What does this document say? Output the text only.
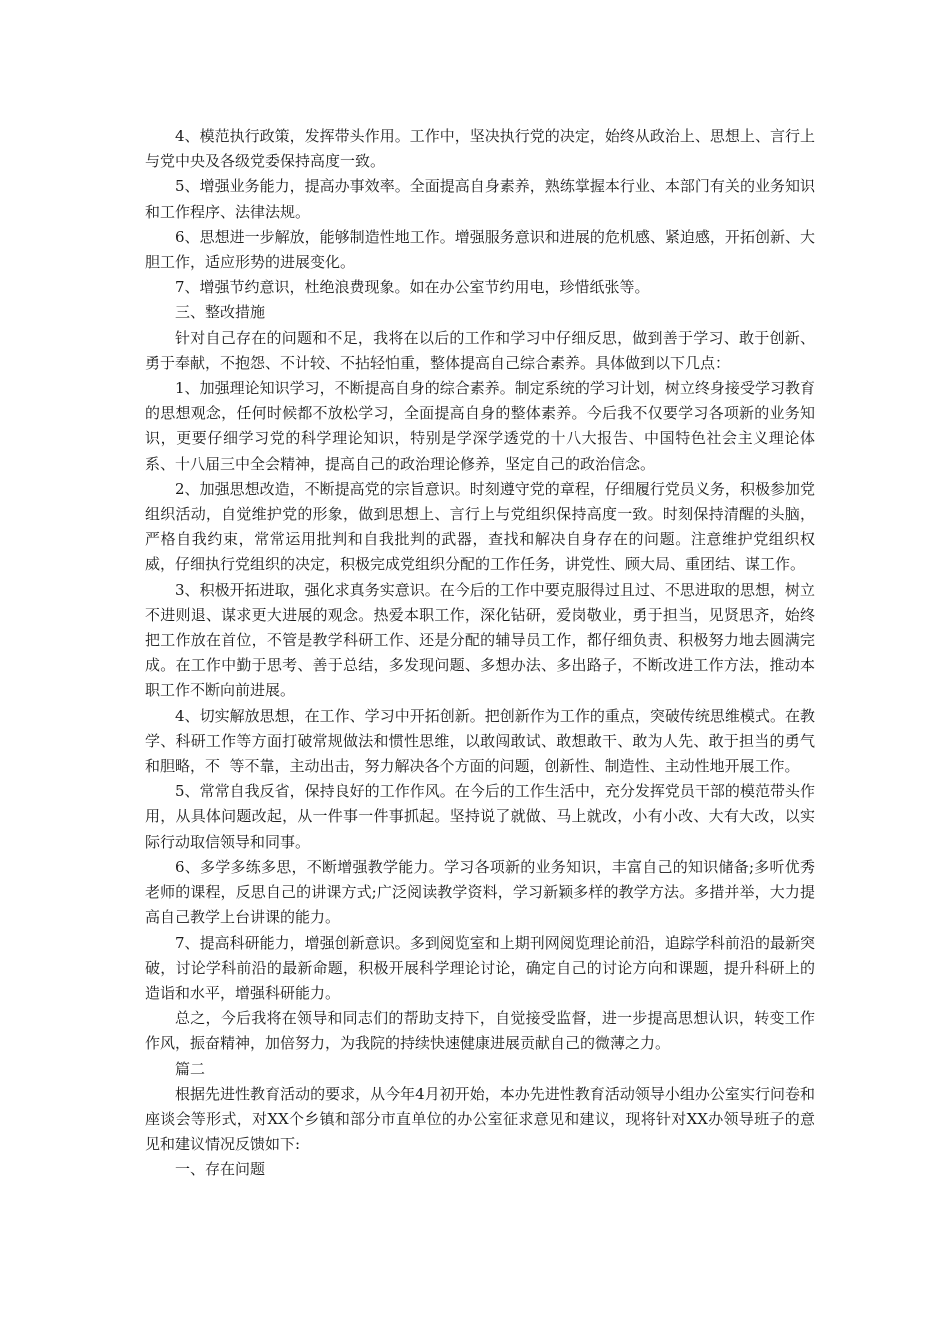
4、模范执行政策，发挥带头作用。工作中，坚决执行党的决定，始终从政治上、思想上、言行上与党中央及各级党委保持高度一致。

5、增强业务能力，提高办事效率。全面提高自身素养，熟练掌握本行业、本部门有关的业务知识和工作程序、法律法规。

6、思想进一步解放，能够制造性地工作。增强服务意识和进展的危机感、紧迫感，开拓创新、大胆工作，适应形势的进展变化。

7、增强节约意识，杜绝浪费现象。如在办公室节约用电，珍惜纸张等。

三、整改措施

针对自己存在的问题和不足，我将在以后的工作和学习中仔细反思，做到善于学习、敢于创新、勇于奉献，不抱怨、不计较、不拈轻怕重，整体提高自己综合素养。具体做到以下几点：

1、加强理论知识学习，不断提高自身的综合素养。制定系统的学习计划，树立终身接受学习教育的思想观念，任何时候都不放松学习，全面提高自身的整体素养。今后我不仅要学习各项新的业务知识，更要仔细学习党的科学理论知识，特别是学深学透党的十八大报告、中国特色社会主义理论体系、十八届三中全会精神，提高自己的政治理论修养，坚定自己的政治信念。

2、加强思想改造，不断提高党的宗旨意识。时刻遵守党的章程，仔细履行党员义务，积极参加党组织活动，自觉维护党的形象，做到思想上、言行上与党组织保持高度一致。时刻保持清醒的头脑，严格自我约束，常常运用批判和自我批判的武器，查找和解决自身存在的问题。注意维护党组织权威，仔细执行党组织的决定，积极完成党组织分配的工作任务，讲党性、顾大局、重团结、谋工作。

3、积极开拓进取，强化求真务实意识。在今后的工作中要克服得过且过、不思进取的思想，树立不进则退、谋求更大进展的观念。热爱本职工作，深化钻研，爱岗敬业，勇于担当，见贤思齐，始终把工作放在首位，不管是教学科研工作、还是分配的辅导员工作，都仔细负责、积极努力地去圆满完成。在工作中勤于思考、善于总结，多发现问题、多想办法、多出路子，不断改进工作方法，推动本职工作不断向前进展。

4、切实解放思想，在工作、学习中开拓创新。把创新作为工作的重点，突破传统思维模式。在教学、科研工作等方面打破常规做法和惯性思维，以敢闯敢试、敢想敢干、敢为人先、敢于担当的勇气和胆略，不  等不靠，主动出击，努力解决各个方面的问题，创新性、制造性、主动性地开展工作。

5、常常自我反省，保持良好的工作作风。在今后的工作生活中，充分发挥党员干部的模范带头作用，从具体问题改起，从一件事一件事抓起。坚持说了就做、马上就改，小有小改、大有大改，以实际行动取信领导和同事。

6、多学多练多思，不断增强教学能力。学习各项新的业务知识，丰富自己的知识储备;多听优秀老师的课程，反思自己的讲课方式;广泛阅读教学资料，学习新颖多样的教学方法。多措并举，大力提高自己教学上台讲课的能力。

7、提高科研能力，增强创新意识。多到阅览室和上期刊网阅览理论前沿，追踪学科前沿的最新突破，讨论学科前沿的最新命题，积极开展科学理论讨论，确定自己的讨论方向和课题，提升科研上的造诣和水平，增强科研能力。

总之，今后我将在领导和同志们的帮助支持下，自觉接受监督，进一步提高思想认识，转变工作作风，振奋精神，加倍努力，为我院的持续快速健康进展贡献自己的微薄之力。

篇二

根据先进性教育活动的要求，从今年4月初开始，本办先进性教育活动领导小组办公室实行问卷和座谈会等形式，对XX个乡镇和部分市直单位的办公室征求意见和建议，现将针对XX办领导班子的意见和建议情况反馈如下:

一、存在问题
